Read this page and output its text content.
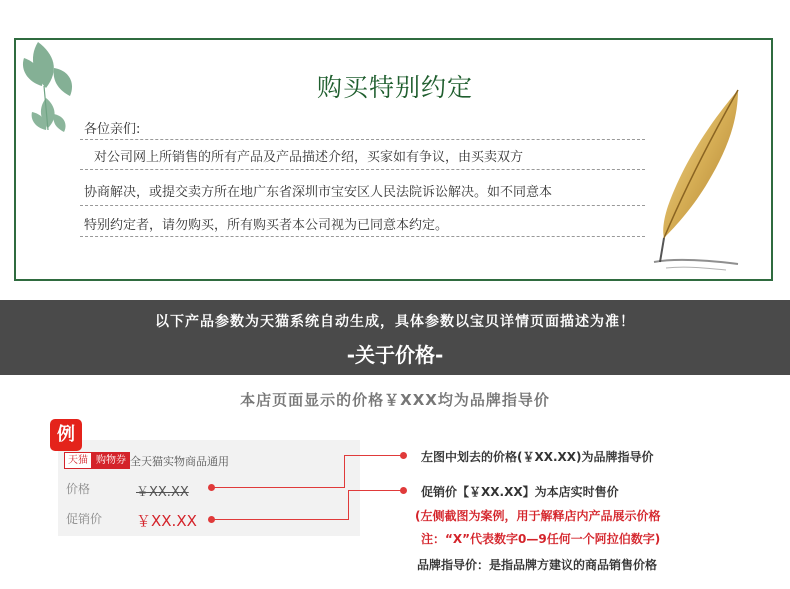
购买特别约定
各位亲们:
对公司网上所销售的所有产品及产品描述介绍，买家如有争议，由买卖双方
协商解决，或提交卖方所在地广东省深圳市宝安区人民法院诉讼解决。如不同意本
特别约定者，请勿购买，所有购买者本公司视为已同意本约定。
以下产品参数为天猫系统自动生成，具体参数以宝贝详情页面描述为准！
-关于价格-
本店页面显示的价格￥XXX均为品牌指导价
例
天猫 购物券 全天猫实物商品通用
价格	￥XX.XX
促销价 ￥XX.XX
左图中划去的价格(￥XX.XX)为品牌指导价
促销价【￥XX.XX】为本店实时售价
(左侧截图为案例，用于解释店内产品展示价格
注：“X”代表数字0—9任何一个阿拉伯数字)
品牌指导价：是指品牌方建议的商品销售价格
